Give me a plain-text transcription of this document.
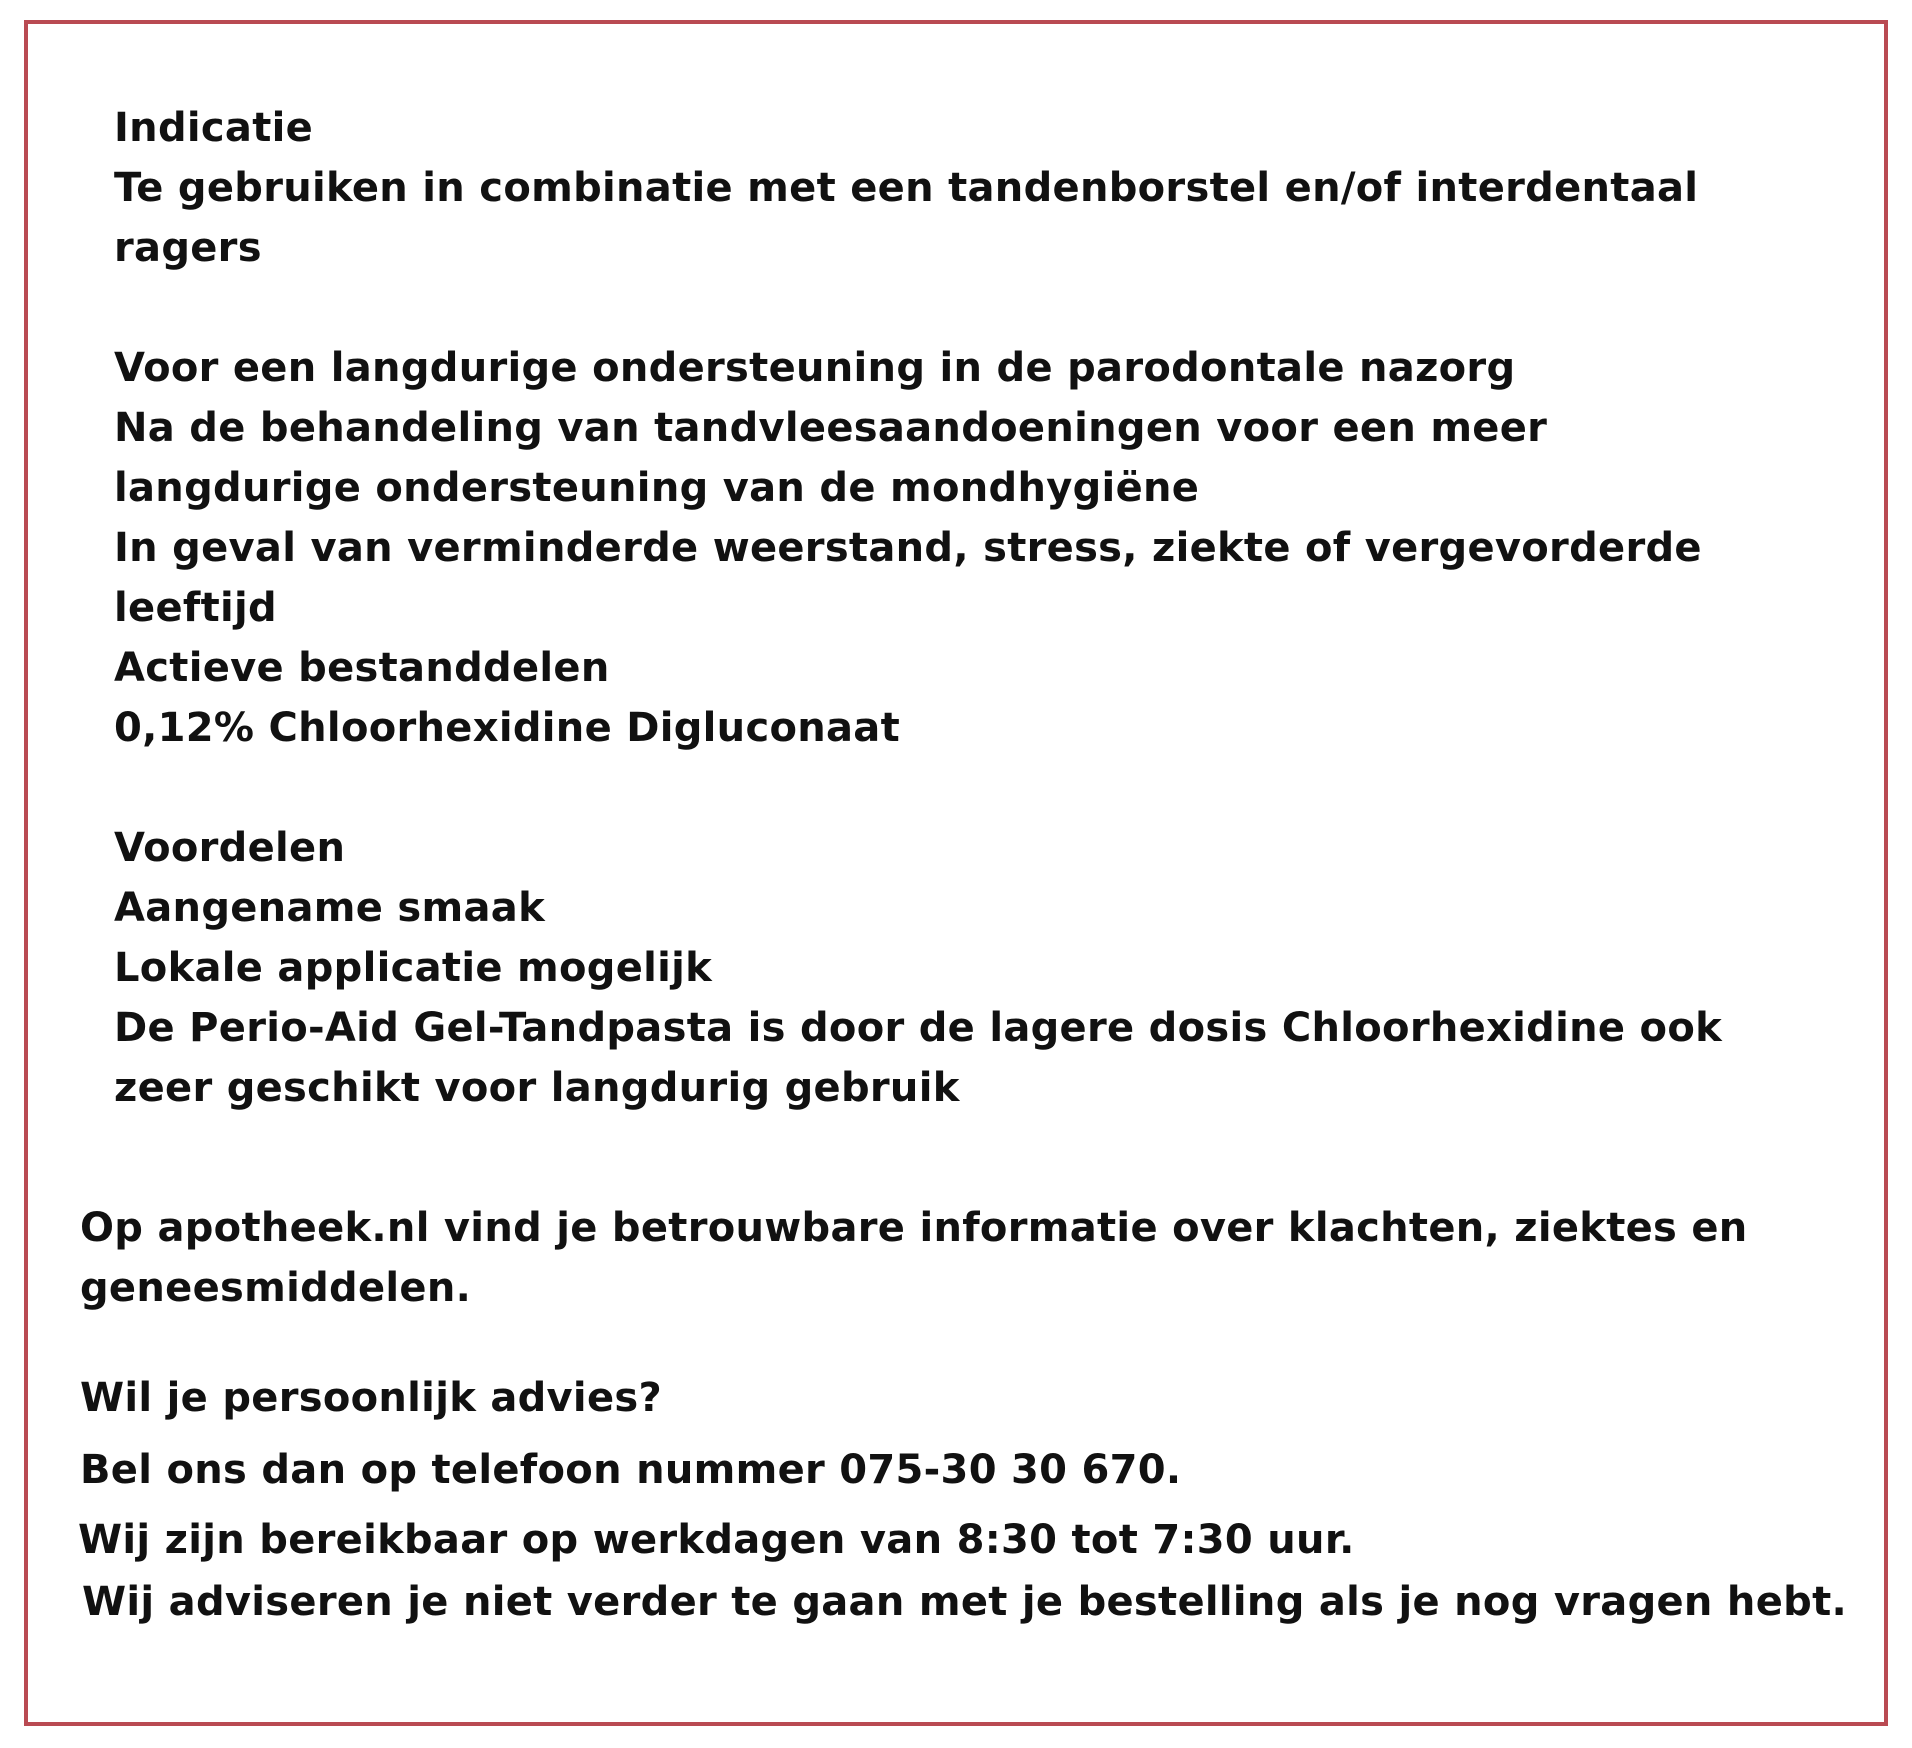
Indicatie
Te gebruiken in combinatie met een tandenborstel en/of interdentaal
ragers
Voor een langdurige ondersteuning in de parodontale nazorg
Na de behandeling van tandvleesaandoeningen voor een meer
langdurige ondersteuning van de mondhygiëne
In geval van verminderde weerstand, stress, ziekte of vergevorderde
leeftijd
Actieve bestanddelen
0,12% Chloorhexidine Digluconaat
Voordelen
Aangename smaak
Lokale applicatie mogelijk
De Perio-Aid Gel-Tandpasta is door de lagere dosis Chloorhexidine ook
zeer geschikt voor langdurig gebruik
Op apotheek.nl vind je betrouwbare informatie over klachten, ziektes en
geneesmiddelen.
Wil je persoonlijk advies?
Bel ons dan op telefoon nummer 075-30 30 670.
Wij zijn bereikbaar op werkdagen van 8:30 tot 7:30 uur.
Wij adviseren je niet verder te gaan met je bestelling als je nog vragen hebt.
